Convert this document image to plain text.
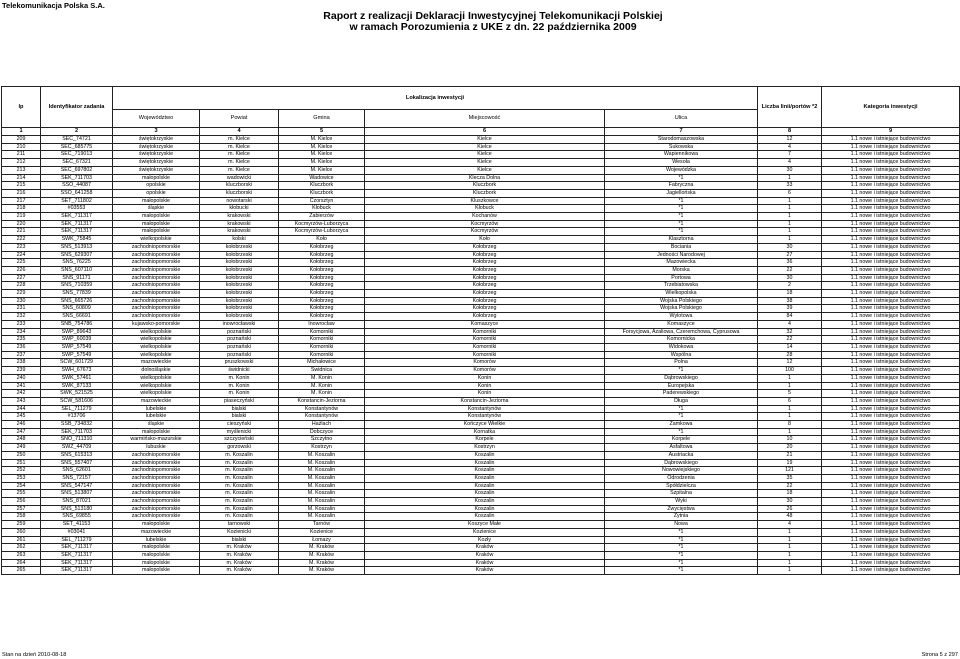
Telekomunikacja Polska S.A.
Raport z realizacji Deklaracji Inwestycyjnej Telekomunikacji Polskiej
w ramach Porozumienia z UKE z dn. 22 października 2009
lp	Identyfikator zadania	Lokalizacja inwestycji					Liczba linii/portów *2	Kategoria inwestycji
		Województwo	Powiat	Gmina	Miejscowość	Ulica		
1	2	3	4	5	6	7	8	9
209	SEC_74721	świętokrzyskie	m. Kielce	M. Kielce	Kielce	Starodomaszowska	12	1.1 nowe i istniejące budownictwo
210	SEC_685775	świętokrzyskie	m. Kielce	M. Kielce	Kielce	Sukowska	4	1.1 nowe i istniejące budownictwo
211	SEC_719013	świętokrzyskie	m. Kielce	M. Kielce	Kielce	Wapiennikowa	7	1.1 nowe i istniejące budownictwo
212	SEC_67321	świętokrzyskie	m. Kielce	M. Kielce	Kielce	Wesoła	4	1.1 nowe i istniejące budownictwo
213	SEC_697802	świętokrzyskie	m. Kielce	M. Kielce	Kielce	Wojewódzka	30	1.1 nowe i istniejące budownictwo
214	SEK_711703	małopolskie	wadowicki	Wadowice	Klecza Dolna	*1	1	1.1 nowe i istniejące budownictwo
215	SSO_44087	opolskie	kluczborski	Kluczbork	Kluczbork	Fabryczna	33	1.1 nowe i istniejące budownictwo
216	SSO_641258	opolskie	kluczborski	Kluczbork	Kluczbork	Jagiellońska	6	1.1 nowe i istniejące budownictwo
217	SET_711802	małopolskie	nowotarski	Czorsztyn	Kluszkowce	*1	1	1.1 nowe i istniejące budownictwo
218	#03553	śląskie	kłobucki	Kłobuck	Kłobuck	*1	1	1.1 nowe i istniejące budownictwo
219	SEK_711317	małopolskie	krakowski	Zabierzów	Kochanów	*1	1	1.1 nowe i istniejące budownictwo
220	SEK_711317	małopolskie	krakowski	Kocmyrzów-Luborzyca	Kocmyrzów	*1	1	1.1 nowe i istniejące budownictwo
221	SEK_711317	małopolskie	krakowski	Kocmyrzów-Luborzyca	Kocmyrzów	*1	1	1.1 nowe i istniejące budownictwo
222	SWK_75845	wielkopolskie	kolski	Koło	Koło	Klasztorna	1	1.1 nowe i istniejące budownictwo
223	SNS_513913	zachodniopomorskie	kołobrzeski	Kołobrzeg	Kołobrzeg	Bociania	30	1.1 nowe i istniejące budownictwo
224	SNS_629307	zachodniopomorskie	kołobrzeski	Kołobrzeg	Kołobrzeg	Jedności Narodowej	27	1.1 nowe i istniejące budownictwo
225	SNS_76225	zachodniopomorskie	kołobrzeski	Kołobrzeg	Kołobrzeg	Mazowiecka	36	1.1 nowe i istniejące budownictwo
226	SNS_607110	zachodniopomorskie	kołobrzeski	Kołobrzeg	Kołobrzeg	Morska	22	1.1 nowe i istniejące budownictwo
227	SNS_91171	zachodniopomorskie	kołobrzeski	Kołobrzeg	Kołobrzeg	Portowa	30	1.1 nowe i istniejące budownictwo
228	SNS_710359	zachodniopomorskie	kołobrzeski	Kołobrzeg	Kołobrzeg	Trzebiatowska	2	1.1 nowe i istniejące budownictwo
229	SNS_77839	zachodniopomorskie	kołobrzeski	Kołobrzeg	Kołobrzeg	Wielkopolska	18	1.1 nowe i istniejące budownictwo
230	SNS_665726	zachodniopomorskie	kołobrzeski	Kołobrzeg	Kołobrzeg	Wojska Polskiego	38	1.1 nowe i istniejące budownictwo
231	SNS_60809	zachodniopomorskie	kołobrzeski	Kołobrzeg	Kołobrzeg	Wojska Polskiego	39	1.1 nowe i istniejące budownictwo
232	SNS_66691	zachodniopomorskie	kołobrzeski	Kołobrzeg	Kołobrzeg	Wylotowa	84	1.1 nowe i istniejące budownictwo
233	SNB_754786	kujawsko-pomorskie	inowrocławski	Inowrocław	Komaszyce	Komaszyce	4	1.1 nowe i istniejące budownictwo
234	SWP_89643	wielkopolskie	poznański	Komorniki	Komorniki	Forsycjowa, Azaliowa, Czeremchowa, Cyprusowa	32	1.1 nowe i istniejące budownictwo
235	SWP_60039	wielkopolskie	poznański	Komorniki	Komorniki	Komornicka	22	1.1 nowe i istniejące budownictwo
236	SWP_57549	wielkopolskie	poznański	Komorniki	Komorniki	Widokowa	14	1.1 nowe i istniejące budownictwo
237	SWP_57549	wielkopolskie	poznański	Komorniki	Komorniki	Wspólna	28	1.1 nowe i istniejące budownictwo
238	SCW_601729	mazowieckie	pruszkowski	Michałowice	Komorów	Polna	12	1.1 nowe i istniejące budownictwo
239	SWH_67673	dolnośląskie	świdnicki	Świdnica	Komorów	*1	100	1.1 nowe i istniejące budownictwo
240	SWK_57461	wielkopolskie	m. Konin	M. Konin	Konin	Dąbrowskiego	1	1.1 nowe i istniejące budownictwo
241	SWK_87133	wielkopolskie	m. Konin	M. Konin	Konin	Europejska	1	1.1 nowe i istniejące budownictwo
242	SWK_521525	wielkopolskie	m. Konin	M. Konin	Konin	Paderewskiego	5	1.1 nowe i istniejące budownictwo
243	SCW_581606	mazowieckie	piaseczyński	Konstancin-Jeziorna	Konstancin-Jeziorna	Długa	6	1.1 nowe i istniejące budownictwo
244	SEL_711279	lubelskie	bialski	Konstantynów	Konstantynów	*1	1	1.1 nowe i istniejące budownictwo
245	#13706	lubelskie	bialski	Konstantynów	Konstantynów	*1	1	1.1 nowe i istniejące budownictwo
246	SSB_734832	śląskie	cieszyński	Hażlach	Kończyce Wielkie	Zamkowa	8	1.1 nowe i istniejące budownictwo
247	SEK_711703	małopolskie	myślenicki	Dobczyce	Kornatka	*1	1	1.1 nowe i istniejące budownictwo
248	SNO_711310	warmińsko-mazurskie	szczycieński	Szczytno	Korpele	Korpele	10	1.1 nowe i istniejące budownictwo
249	SWZ_44709	lubuskie	gorzowski	Kostrzyn	Kostrzyn	Asfaltowa	20	1.1 nowe i istniejące budownictwo
250	SNS_615313	zachodniopomorskie	m. Koszalin	M. Koszalin	Koszalin	Austriacka	21	1.1 nowe i istniejące budownictwo
251	SNS_557407	zachodniopomorskie	m. Koszalin	M. Koszalin	Koszalin	Dąbrowskiego	19	1.1 nowe i istniejące budownictwo
252	SNS_62601	zachodniopomorskie	m. Koszalin	M. Koszalin	Koszalin	Nowowiejskiego	121	1.1 nowe i istniejące budownictwo
253	SNS_72157	zachodniopomorskie	m. Koszalin	M. Koszalin	Koszalin	Odrodzenia	35	1.1 nowe i istniejące budownictwo
254	SNS_547147	zachodniopomorskie	m. Koszalin	M. Koszalin	Koszalin	Spółdzielcza	22	1.1 nowe i istniejące budownictwo
255	SNS_513807	zachodniopomorskie	m. Koszalin	M. Koszalin	Koszalin	Szpitalna	18	1.1 nowe i istniejące budownictwo
256	SNS_87021	zachodniopomorskie	m. Koszalin	M. Koszalin	Koszalin	Wyki	30	1.1 nowe i istniejące budownictwo
257	SNS_513180	zachodniopomorskie	m. Koszalin	M. Koszalin	Koszalin	Zwycięstwa	26	1.1 nowe i istniejące budownictwo
258	SNS_69855	zachodniopomorskie	m. Koszalin	M. Koszalin	Koszalin	Żytnia	48	1.1 nowe i istniejące budownictwo
259	SET_41153	małopolskie	tarnowski	Tarnów	Koszyce Małe	Nowa	4	1.1 nowe i istniejące budownictwo
260	#03041	mazowieckie	Kozienicki	Kozienice	Kozienice	*1	1	1.1 nowe i istniejące budownictwo
261	SEL_711279	lubelskie	bialski	Łomazy	Kozły	*1	1	1.1 nowe i istniejące budownictwo
262	SEK_711317	małopolskie	m. Kraków	M. Kraków	Kraków	*1	1	1.1 nowe i istniejące budownictwo
263	SEK_711317	małopolskie	m. Kraków	M. Kraków	Kraków	*1	1	1.1 nowe i istniejące budownictwo
264	SEK_711317	małopolskie	m. Kraków	M. Kraków	Kraków	*1	1	1.1 nowe i istniejące budownictwo
265	SEK_711317	małopolskie	m. Kraków	M. Kraków	Kraków	*1	1	1.1 nowe i istniejące budownictwo
Stan na dzień 2010-08-18	Strona 5 z 297
